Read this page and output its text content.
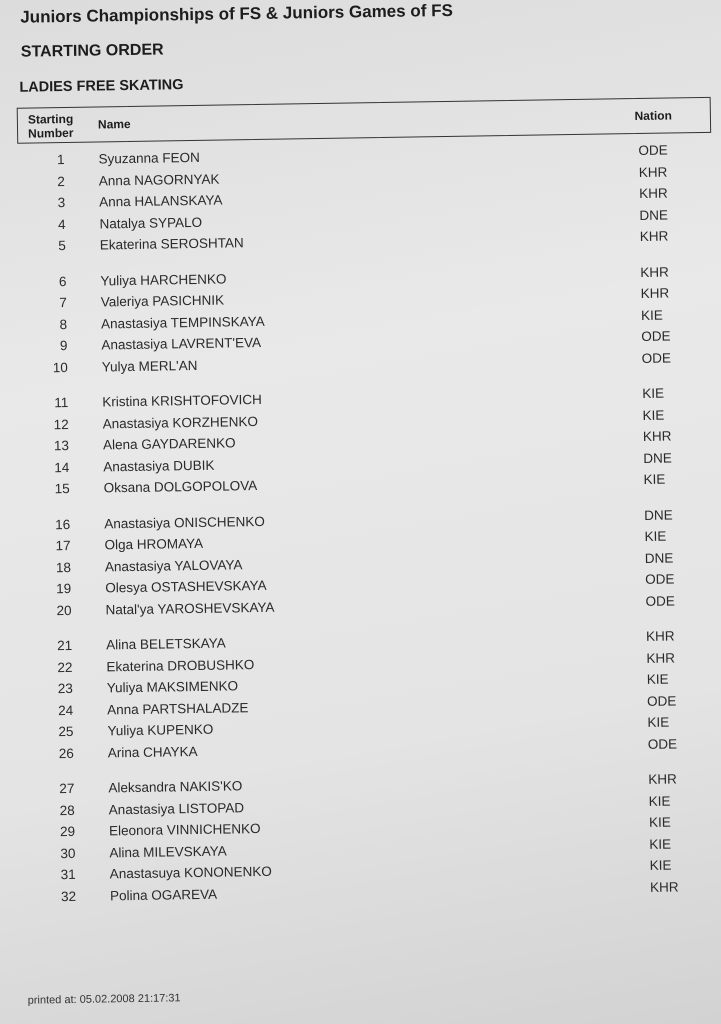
Juniors Championships of FS & Juniors Games of FS
STARTING ORDER
LADIES FREE SKATING
Starting Number
Name
Nation
1	Syuzanna FEON	ODE
2	Anna NAGORNYAK	KHR
3	Anna HALANSKAYA	KHR
4	Natalya SYPALO	DNE
5	Ekaterina SEROSHTAN	KHR
6	Yuliya HARCHENKO	KHR
7	Valeriya PASICHNIK	KHR
8	Anastasiya TEMPINSKAYA	KIE
9	Anastasiya LAVRENT'EVA	ODE
10	Yulya MERL'AN	ODE
11	Kristina KRISHTOFOVICH	KIE
12	Anastasiya KORZHENKO	KIE
13	Alena GAYDARENKO	KHR
14	Anastasiya DUBIK	DNE
15	Oksana DOLGOPOLOVA	KIE
16	Anastasiya ONISCHENKO	DNE
17	Olga HROMAYA	KIE
18	Anastasiya YALOVAYA	DNE
19	Olesya OSTASHEVSKAYA	ODE
20	Natal'ya YAROSHEVSKAYA	ODE
21	Alina BELETSKAYA	KHR
22	Ekaterina DROBUSHKO	KHR
23	Yuliya MAKSIMENKO	KIE
24	Anna PARTSHALADZE	ODE
25	Yuliya KUPENKO	KIE
26	Arina CHAYKA	ODE
27	Aleksandra NAKIS'KO	KHR
28	Anastasiya LISTOPAD	KIE
29	Eleonora VINNICHENKO	KIE
30	Alina MILEVSKAYA	KIE
31	Anastasuya KONONENKO	KIE
32	Polina OGAREVA	KHR
printed at: 05.02.2008 21:17:31
